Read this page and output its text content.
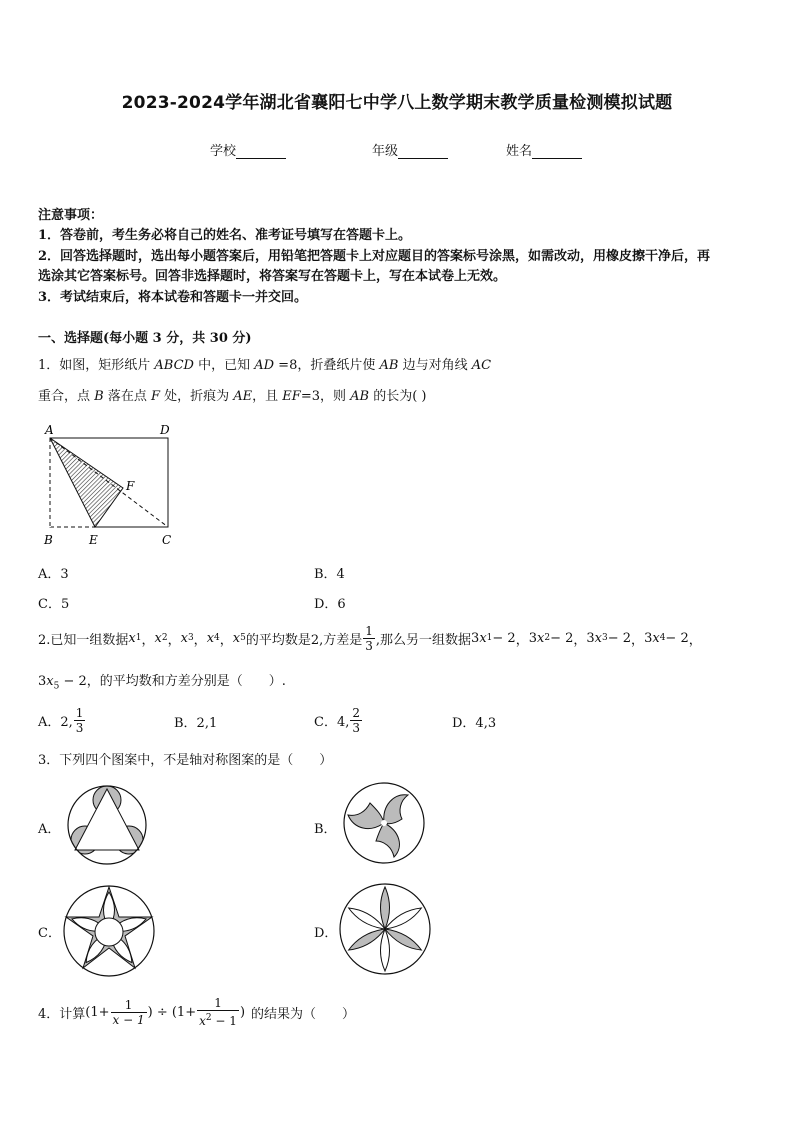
2023-2024学年湖北省襄阳七中学八上数学期末教学质量检测模拟试题
学校	年级	姓名
注意事项：
1．答卷前，考生务必将自己的姓名、准考证号填写在答题卡上。
2．回答选择题时，选出每小题答案后，用铅笔把答题卡上对应题目的答案标号涂黑，如需改动，用橡皮擦干净后，再
选涂其它答案标号。回答非选择题时，将答案写在答题卡上，写在本试卷上无效。
3．考试结束后，将本试卷和答题卡一并交回。
一、选择题(每小题 3 分，共 30 分)
1．如图，矩形纸片 ABCD 中，已知 AD =8，折叠纸片使 AB 边与对角线 AC
重合，点 B 落在点 F 处，折痕为 AE，且 EF=3，则 AB 的长为( )
A	D
B	E	C
F
A．3	B．4
C．5	D．6
2.已知一组数据 x 1 ， x 2 ， x 3 ， x 4 ， x 5 的平均数是2,方差是 $\frac{1}{3}$ ,那么另一组数据 3 x 1 − 2 ， 3 x 2 − 2 ， 3 x 3 − 2 ， 3 x 4 − 2 ，
$3x_5 - 2$，的平均数和方差分别是（　　）.
A．2, $\frac{1}{3}$	B．2,1	C．4, $\frac{2}{3}$	D．4,3
3．下列四个图案中，不是轴对称图案的是（　　）
A．	B．
C．	D．
4．计算 ($1+ \frac{1}{x - 1}$ ) ÷ ($1+ \frac{1}{x^2 - 1}$ ) 的结果为（　　）
